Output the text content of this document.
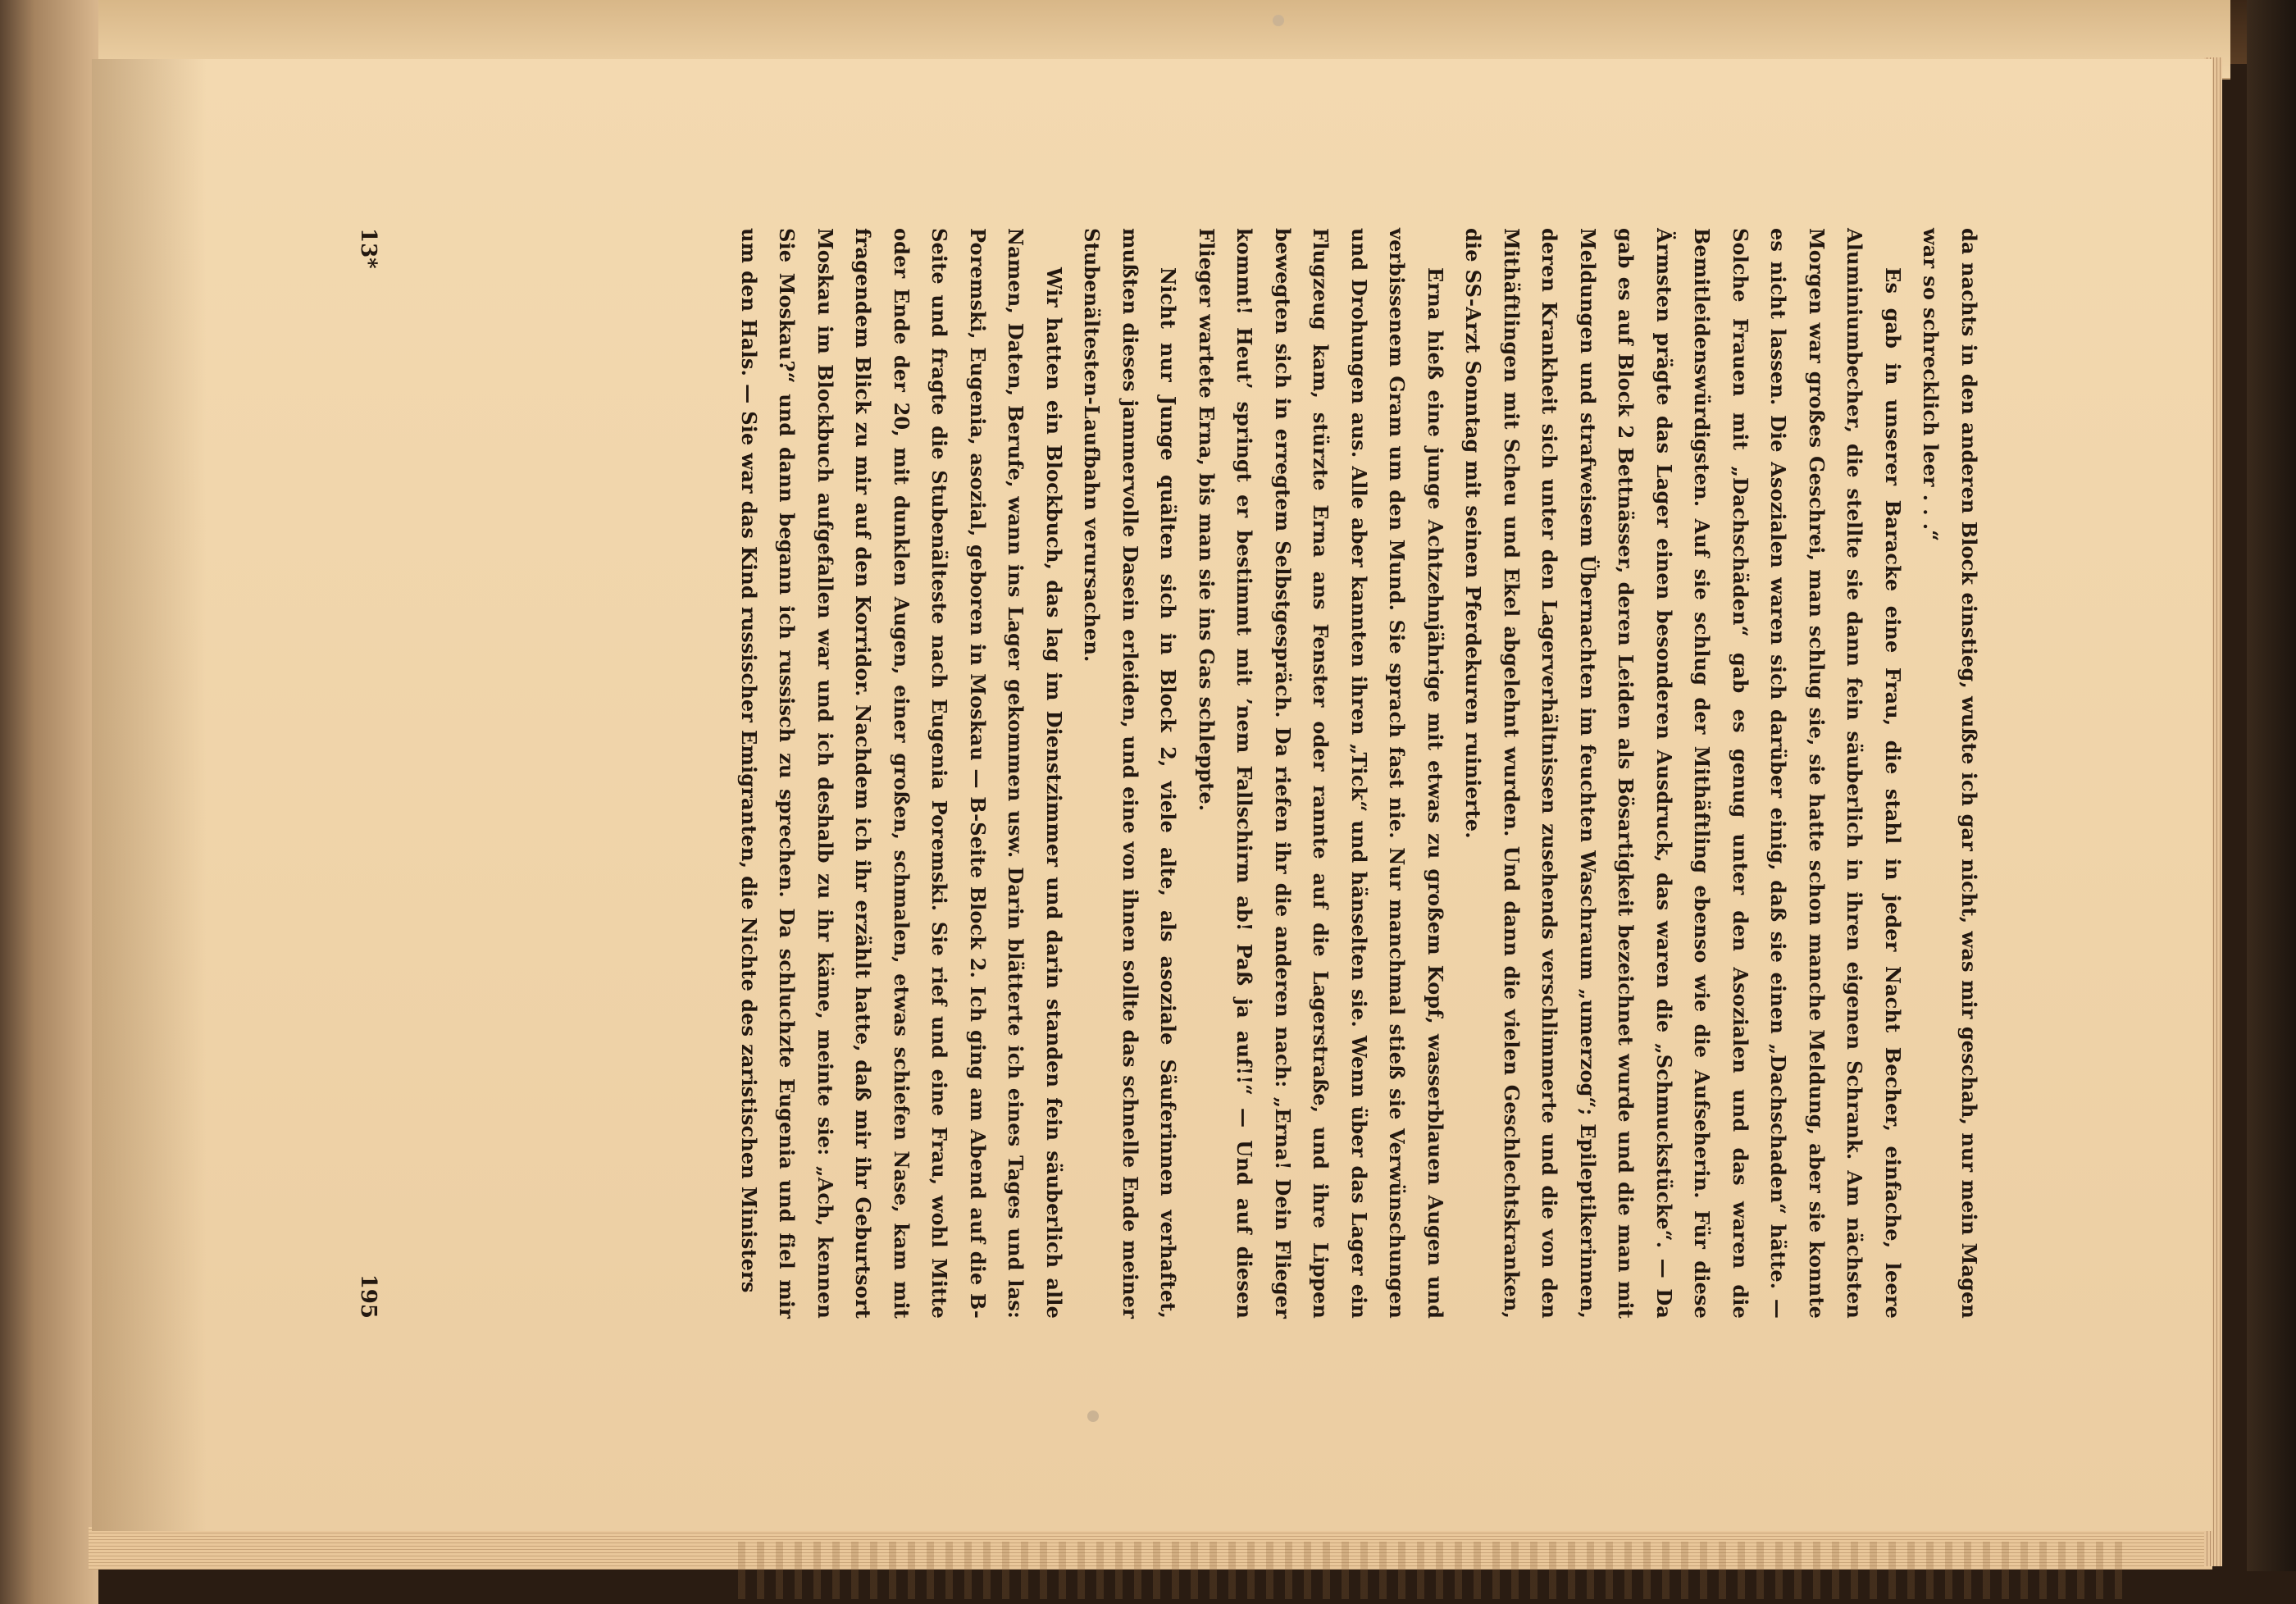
da nachts in den anderen Block einstieg, wußte ich gar nicht, was mir geschah, nur mein Magen war so schrecklich leer . . .“

Es gab in unserer Baracke eine Frau, die stahl in jeder Nacht Becher, einfache, leere Aluminiumbecher, die stellte sie dann fein säuberlich in ihren eigenen Schrank. Am nächsten Morgen war großes Geschrei, man schlug sie, sie hatte schon manche Meldung, aber sie konnte es nicht lassen. Die Asozialen waren sich darüber einig, daß sie einen „Dachschaden“ hätte. — Solche Frauen mit „Dachschäden“ gab es genug unter den Asozialen und das waren die Bemitleidenswürdigsten. Auf sie schlug der Mithäftling ebenso wie die Aufseherin. Für diese Ärmsten prägte das Lager einen besonderen Ausdruck, das waren die „Schmuckstücke“. — Da gab es auf Block 2 Bettnässer, deren Leiden als Bösartigkeit bezeichnet wurde und die man mit Meldungen und strafweisem Übernachten im feuchten Waschraum „umerzog“; Epileptikerinnen, deren Krankheit sich unter den Lagerverhältnissen zusehends verschlimmerte und die von den Mithäftlingen mit Scheu und Ekel abgelehnt wurden. Und dann die vielen Geschlechtskranken, die SS-Arzt Sonntag mit seinen Pferdekuren ruinierte.

Erna hieß eine junge Achtzehnjährige mit etwas zu großem Kopf, wasserblauen Augen und verbissenem Gram um den Mund. Sie sprach fast nie. Nur manchmal stieß sie Verwünschungen und Drohungen aus. Alle aber kannten ihren „Tick“ und hänselten sie. Wenn über das Lager ein Flugzeug kam, stürzte Erna ans Fenster oder rannte auf die Lagerstraße, und ihre Lippen bewegten sich in erregtem Selbstgespräch. Da riefen ihr die anderen nach: „Erna! Dein Flieger kommt! Heut’ springt er bestimmt mit ’nem Fallschirm ab! Paß ja auf!!“ — Und auf diesen Flieger wartete Erna, bis man sie ins Gas schleppte.

Nicht nur Junge quälten sich in Block 2, viele alte, als asoziale Säuferinnen verhaftet, mußten dieses jammervolle Dasein erleiden, und eine von ihnen sollte das schnelle Ende meiner Stubenältesten-Laufbahn verursachen.

Wir hatten ein Blockbuch, das lag im Dienstzimmer und darin standen fein säuberlich alle Namen, Daten, Berufe, wann ins Lager gekommen usw. Darin blätterte ich eines Tages und las: Poremski, Eugenia, asozial, geboren in Moskau — B-Seite Block 2. Ich ging am Abend auf die B-Seite und fragte die Stubenälteste nach Eugenia Poremski. Sie rief und eine Frau, wohl Mitte oder Ende der 20, mit dunklen Augen, einer großen, schmalen, etwas schiefen Nase, kam mit fragendem Blick zu mir auf den Korridor. Nachdem ich ihr erzählt hatte, daß mir ihr Geburtsort Moskau im Blockbuch aufgefallen war und ich deshalb zu ihr käme, meinte sie: „Ach, kennen Sie Moskau?“ und dann begann ich russisch zu sprechen. Da schluchzte Eugenia und fiel mir um den Hals. — Sie war das Kind russischer Emigranten, die Nichte des zaristischen Ministers

13*
195
